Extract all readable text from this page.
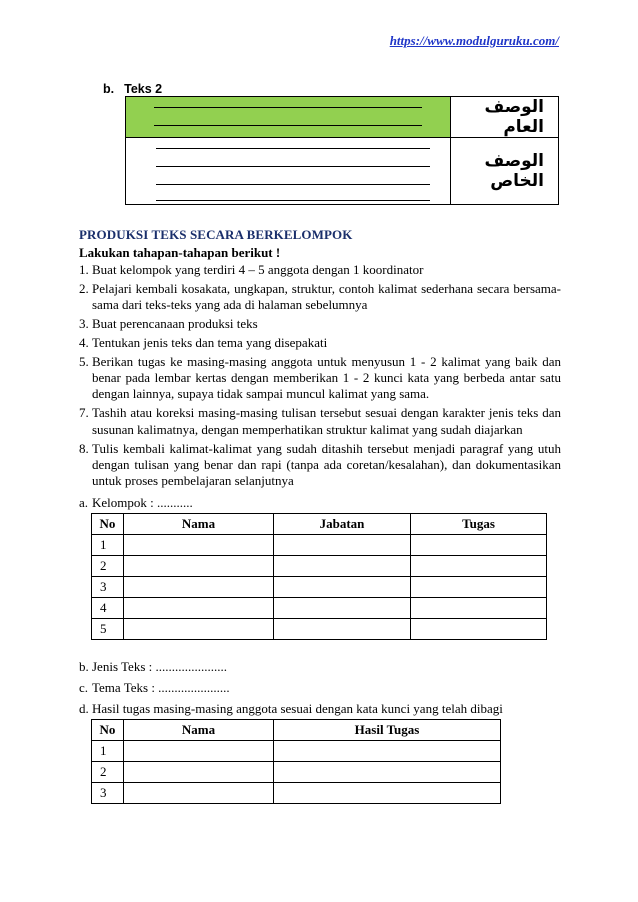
https://www.modulguruku.com/
b. Teks 2
	الوصف العام

	الوصف الخاص
PRODUKSI TEKS SECARA BERKELOMPOK
Lakukan tahapan-tahapan berikut !
1. Buat kelompok yang terdiri 4 – 5 anggota dengan 1 koordinator
2. Pelajari kembali kosakata, ungkapan, struktur, contoh kalimat sederhana secara bersama-sama dari teks-teks yang ada di halaman sebelumnya
3. Buat perencanaan produksi teks
4. Tentukan jenis teks dan tema yang disepakati
5. Berikan tugas ke masing-masing anggota untuk menyusun 1 - 2 kalimat yang baik dan benar pada lembar kertas dengan memberikan 1 - 2 kunci kata yang berbeda antar satu dengan lainnya, supaya tidak sampai muncul kalimat yang sama.
7. Tashih atau koreksi masing-masing tulisan tersebut sesuai dengan karakter jenis teks dan susunan kalimatnya, dengan memperhatikan struktur kalimat yang sudah diajarkan
8. Tulis kembali kalimat-kalimat yang sudah ditashih tersebut menjadi paragraf yang utuh dengan tulisan yang benar dan rapi (tanpa ada coretan/kesalahan), dan dokumentasikan untuk proses pembelajaran selanjutnya
a. Kelompok : ...........
No	Nama	Jabatan	Tugas
1			
2			
3			
4			
5			
b. Jenis Teks : ......................
c. Tema Teks : ......................
d. Hasil tugas masing-masing anggota sesuai dengan kata kunci yang telah dibagi
No	Nama	Hasil Tugas
1		
2		
3		
